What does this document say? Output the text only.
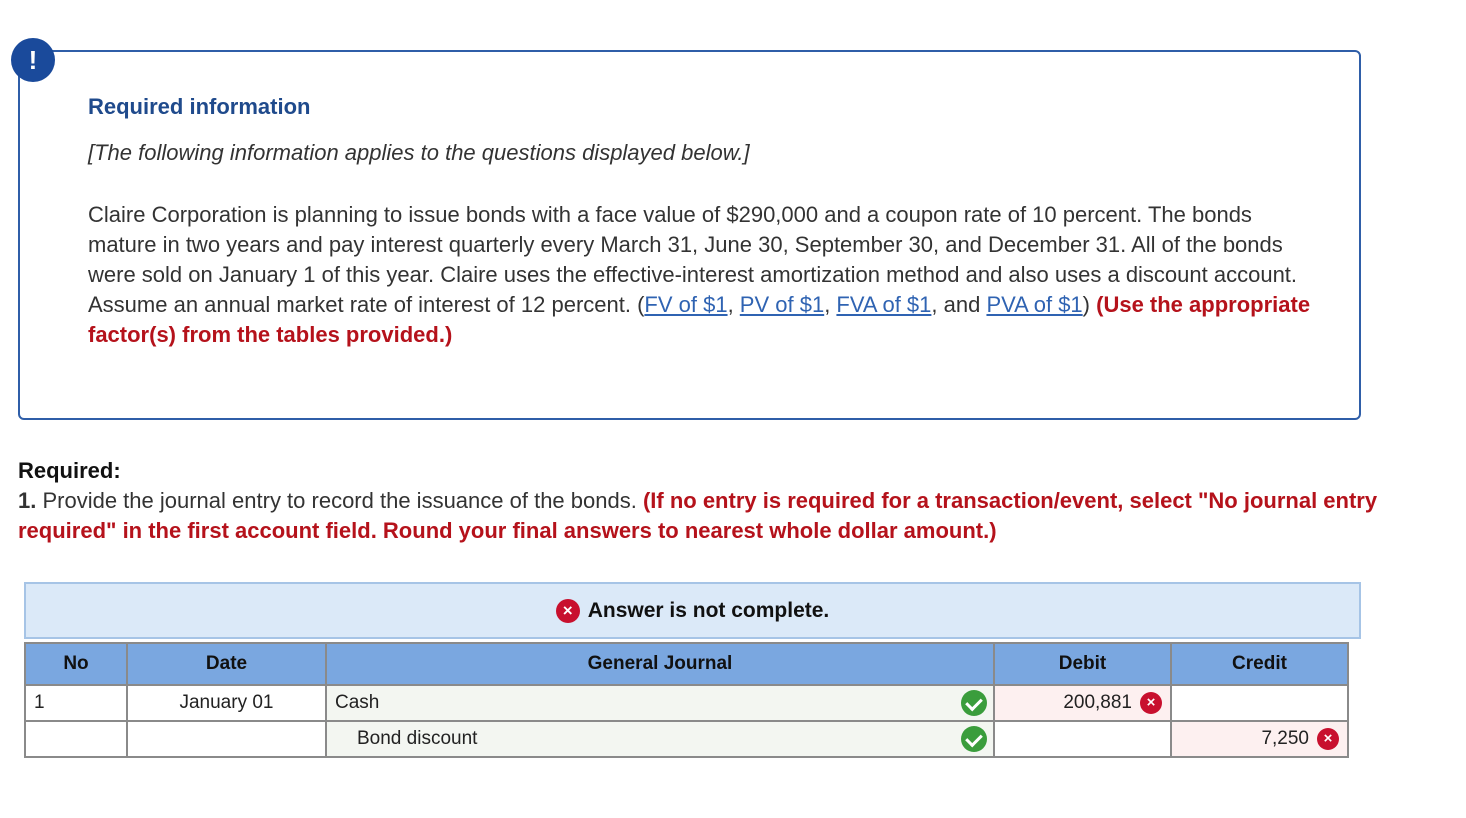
!
Required information
[The following information applies to the questions displayed below.]
Claire Corporation is planning to issue bonds with a face value of $290,000 and a coupon rate of 10 percent. The bonds mature in two years and pay interest quarterly every March 31, June 30, September 30, and December 31. All of the bonds were sold on January 1 of this year. Claire uses the effective-interest amortization method and also uses a discount account. Assume an annual market rate of interest of 12 percent. (FV of $1, PV of $1, FVA of $1, and PVA of $1) (Use the appropriate factor(s) from the tables provided.)
Required:
1. Provide the journal entry to record the issuance of the bonds. (If no entry is required for a transaction/event, select "No journal entry required" in the first account field. Round your final answers to nearest whole dollar amount.)
× Answer is not complete.
No	Date	General Journal	Debit	Credit
1	January 01	Cash	200,881 ×	
		Bond discount		7,250 ×
